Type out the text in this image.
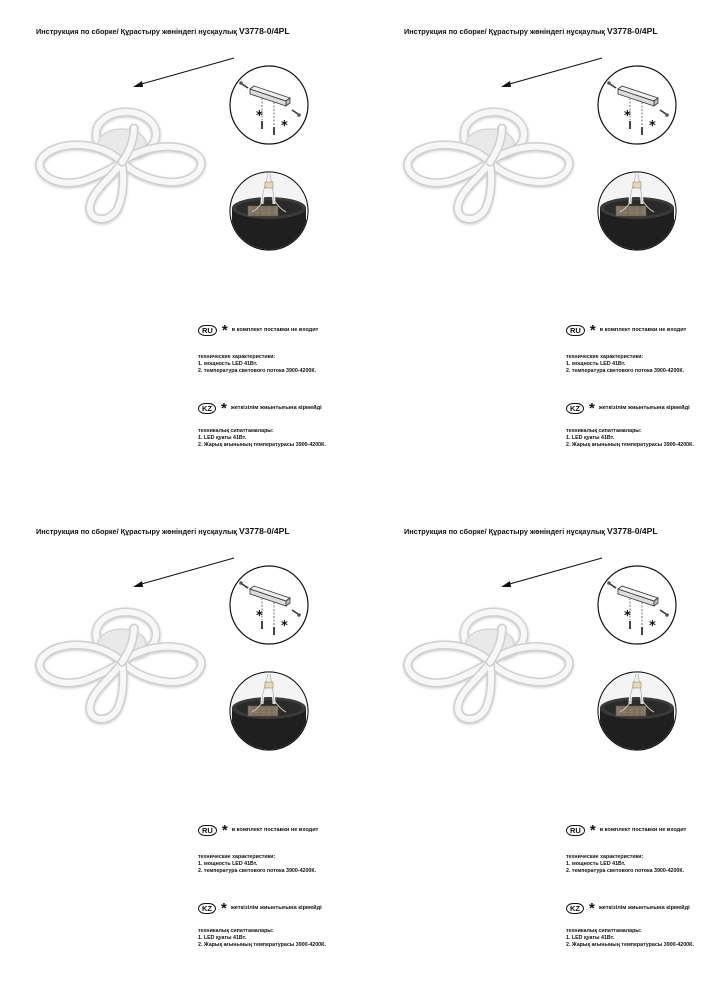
Инструкция по сборке/ Құрастыру жөніндегі нұсқаулық V3778-0/4PL
*
*
RU * в комплект поставки не входит
технические характеристики:
1. мощность LED 41Вт.
2. температура светового потока 3900-4200К.
KZ * жеткізілім жиынтығына кірмейді
техникалық сипаттамалары:
1. LED қуаты 41Вт.
2. Жарық ағынының температурасы 3900-4200К.
Инструкция по сборке/ Құрастыру жөніндегі нұсқаулық V3778-0/4PL
*
*
RU * в комплект поставки не входит
технические характеристики:
1. мощность LED 41Вт.
2. температура светового потока 3900-4200К.
KZ * жеткізілім жиынтығына кірмейді
техникалық сипаттамалары:
1. LED қуаты 41Вт.
2. Жарық ағынының температурасы 3900-4200К.
Инструкция по сборке/ Құрастыру жөніндегі нұсқаулық V3778-0/4PL
*
*
RU * в комплект поставки не входит
технические характеристики:
1. мощность LED 41Вт.
2. температура светового потока 3900-4200К.
KZ * жеткізілім жиынтығына кірмейді
техникалық сипаттамалары:
1. LED қуаты 41Вт.
2. Жарық ағынының температурасы 3900-4200К.
Инструкция по сборке/ Құрастыру жөніндегі нұсқаулық V3778-0/4PL
*
*
RU * в комплект поставки не входит
технические характеристики:
1. мощность LED 41Вт.
2. температура светового потока 3900-4200К.
KZ * жеткізілім жиынтығына кірмейді
техникалық сипаттамалары:
1. LED қуаты 41Вт.
2. Жарық ағынының температурасы 3900-4200К.
